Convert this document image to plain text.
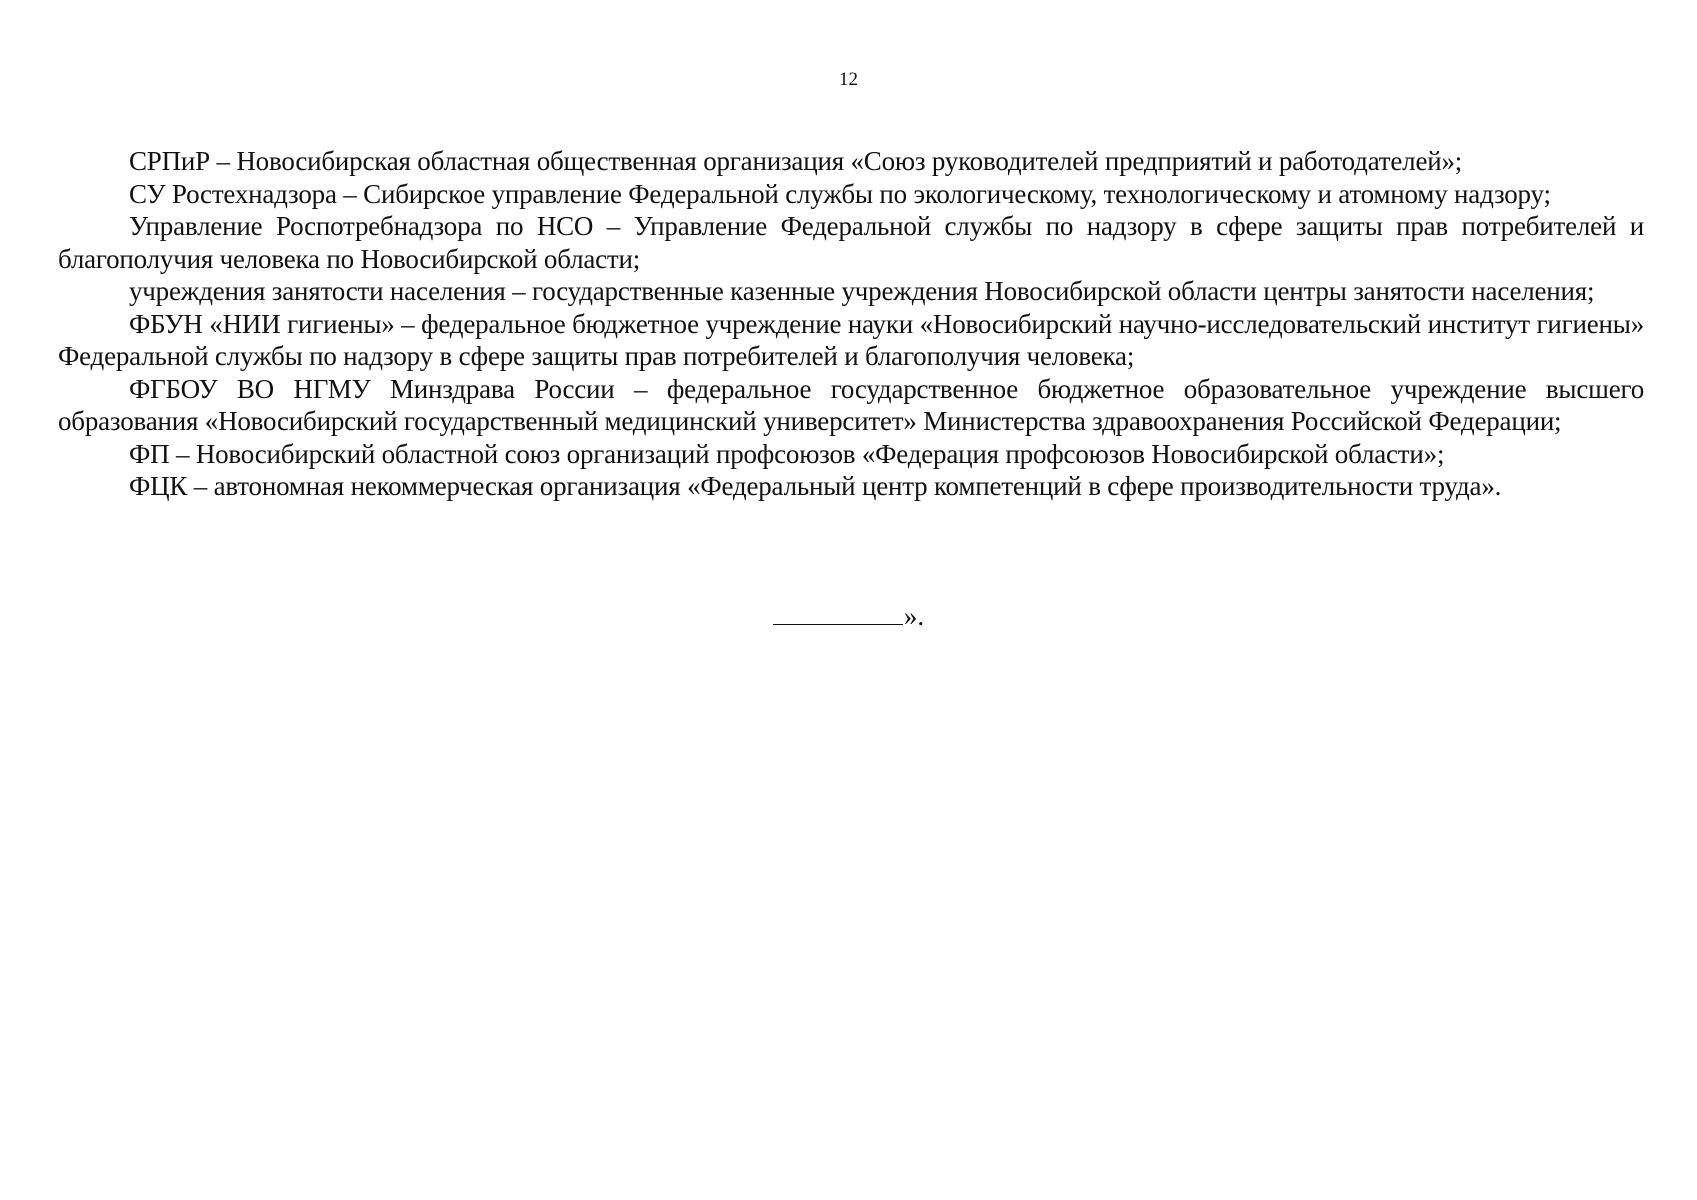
12

СРПиР – Новосибирская областная общественная организация «Союз руководителей предприятий и работодателей»;

СУ Ростехнадзора – Сибирское управление Федеральной службы по экологическому, технологическому и атомному надзору;

Управление Роспотребнадзора по НСО – Управление Федеральной службы по надзору в сфере защиты прав потребителей и благополучия человека по Новосибирской области;

учреждения занятости населения – государственные казенные учреждения Новосибирской области центры занятости населения;

ФБУН «НИИ гигиены» – федеральное бюджетное учреждение науки «Новосибирский научно-исследовательский институт гигиены» Федеральной службы по надзору в сфере защиты прав потребителей и благополучия человека;

ФГБОУ ВО НГМУ Минздрава России – федеральное государственное бюджетное образовательное учреждение высшего образования «Новосибирский государственный медицинский университет» Министерства здравоохранения Российской Федерации;

ФП – Новосибирский областной союз организаций профсоюзов «Федерация профсоюзов Новосибирской области»;

ФЦК – автономная некоммерческая организация «Федеральный центр компетенций в сфере производительности труда».

».
